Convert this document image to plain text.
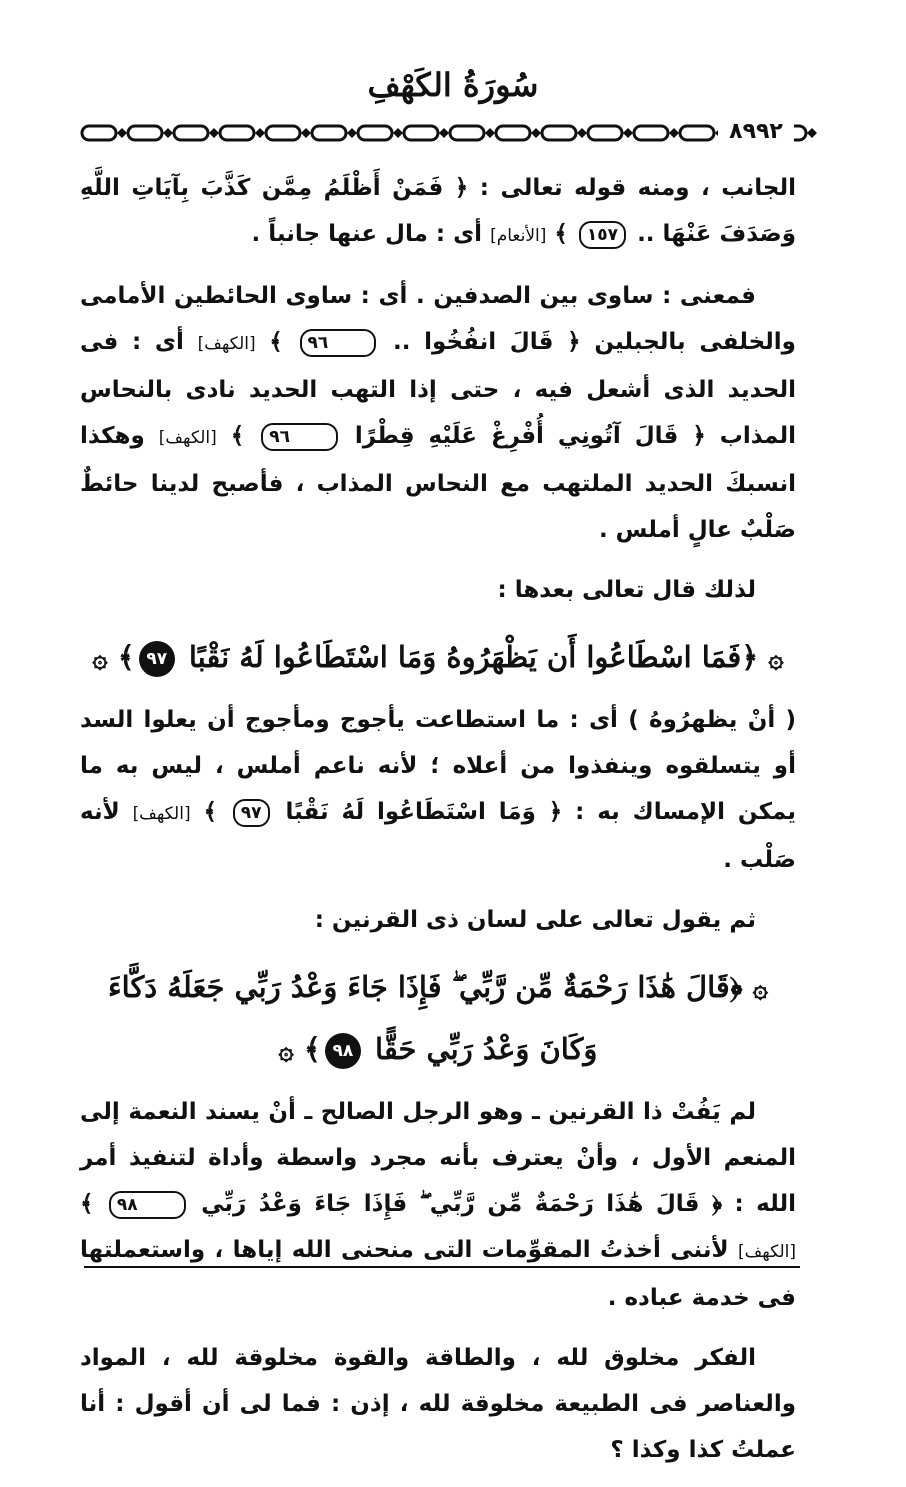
سُورَةُ الكَهْفِ
٨٩٩٢

الجانب ، ومنه قوله تعالى : ﴿ فَمَنْ أَظْلَمُ مِمَّن كَذَّبَ بِآيَاتِ اللَّهِ وَصَدَفَ عَنْهَا .. ١٥٧ ﴾ [الأنعام] أى : مال عنها جانباً .

فمعنى : ساوى بين الصدفين . أى : ساوى الحائطين الأمامى والخلفى بالجبلين ﴿ قَالَ انفُخُوا .. ٩٦ ﴾ [الكهف] أى : فى الحديد الذى أشعل فيه ، حتى إذا التهب الحديد نادى بالنحاس المذاب ﴿ قَالَ آتُونِي أُفْرِغْ عَلَيْهِ قِطْرًا ٩٦ ﴾ [الكهف] وهكذا انسبكَ الحديد الملتهب مع النحاس المذاب ، فأصبح لدينا حائطٌ صَلْبٌ عالٍ أملس .

لذلك قال تعالى بعدها :

۞ ﴿فَمَا اسْطَاعُوا أَن يَظْهَرُوهُ وَمَا اسْتَطَاعُوا لَهُ نَقْبًا ٩٧﴾ ۞

( أنْ يظهرُوهُ ) أى : ما استطاعت يأجوج ومأجوج أن يعلوا السد أو يتسلقوه وينفذوا من أعلاه ؛ لأنه ناعم أملس ، ليس به ما يمكن الإمساك به : ﴿ وَمَا اسْتَطَاعُوا لَهُ نَقْبًا ٩٧ ﴾ [الكهف] لأنه صَلْب .

ثم يقول تعالى على لسان ذى القرنين :

۞ ﴿قَالَ هَٰذَا رَحْمَةٌ مِّن رَّبِّي ۖ فَإِذَا جَاءَ وَعْدُ رَبِّي جَعَلَهُ دَكَّاءَ
وَكَانَ وَعْدُ رَبِّي حَقًّا ٩٨﴾ ۞

لم يَفُتْ ذا القرنين ـ وهو الرجل الصالح ـ أنْ يسند النعمة إلى المنعم الأول ، وأنْ يعترف بأنه مجرد واسطة وأداة لتنفيذ أمر الله : ﴿ قَالَ هَٰذَا رَحْمَةٌ مِّن رَّبِّي ۖ فَإِذَا جَاءَ وَعْدُ رَبِّي ٩٨ ﴾ [الكهف] لأننى أخذتُ المقوِّمات التى منحنى الله إياها ، واستعملتها فى خدمة عباده .

الفكر مخلوق لله ، والطاقة والقوة مخلوقة لله ، المواد والعناصر فى الطبيعة مخلوقة لله ، إذن : فما لى أن أقول : أنا عملتُ كذا وكذا ؟
